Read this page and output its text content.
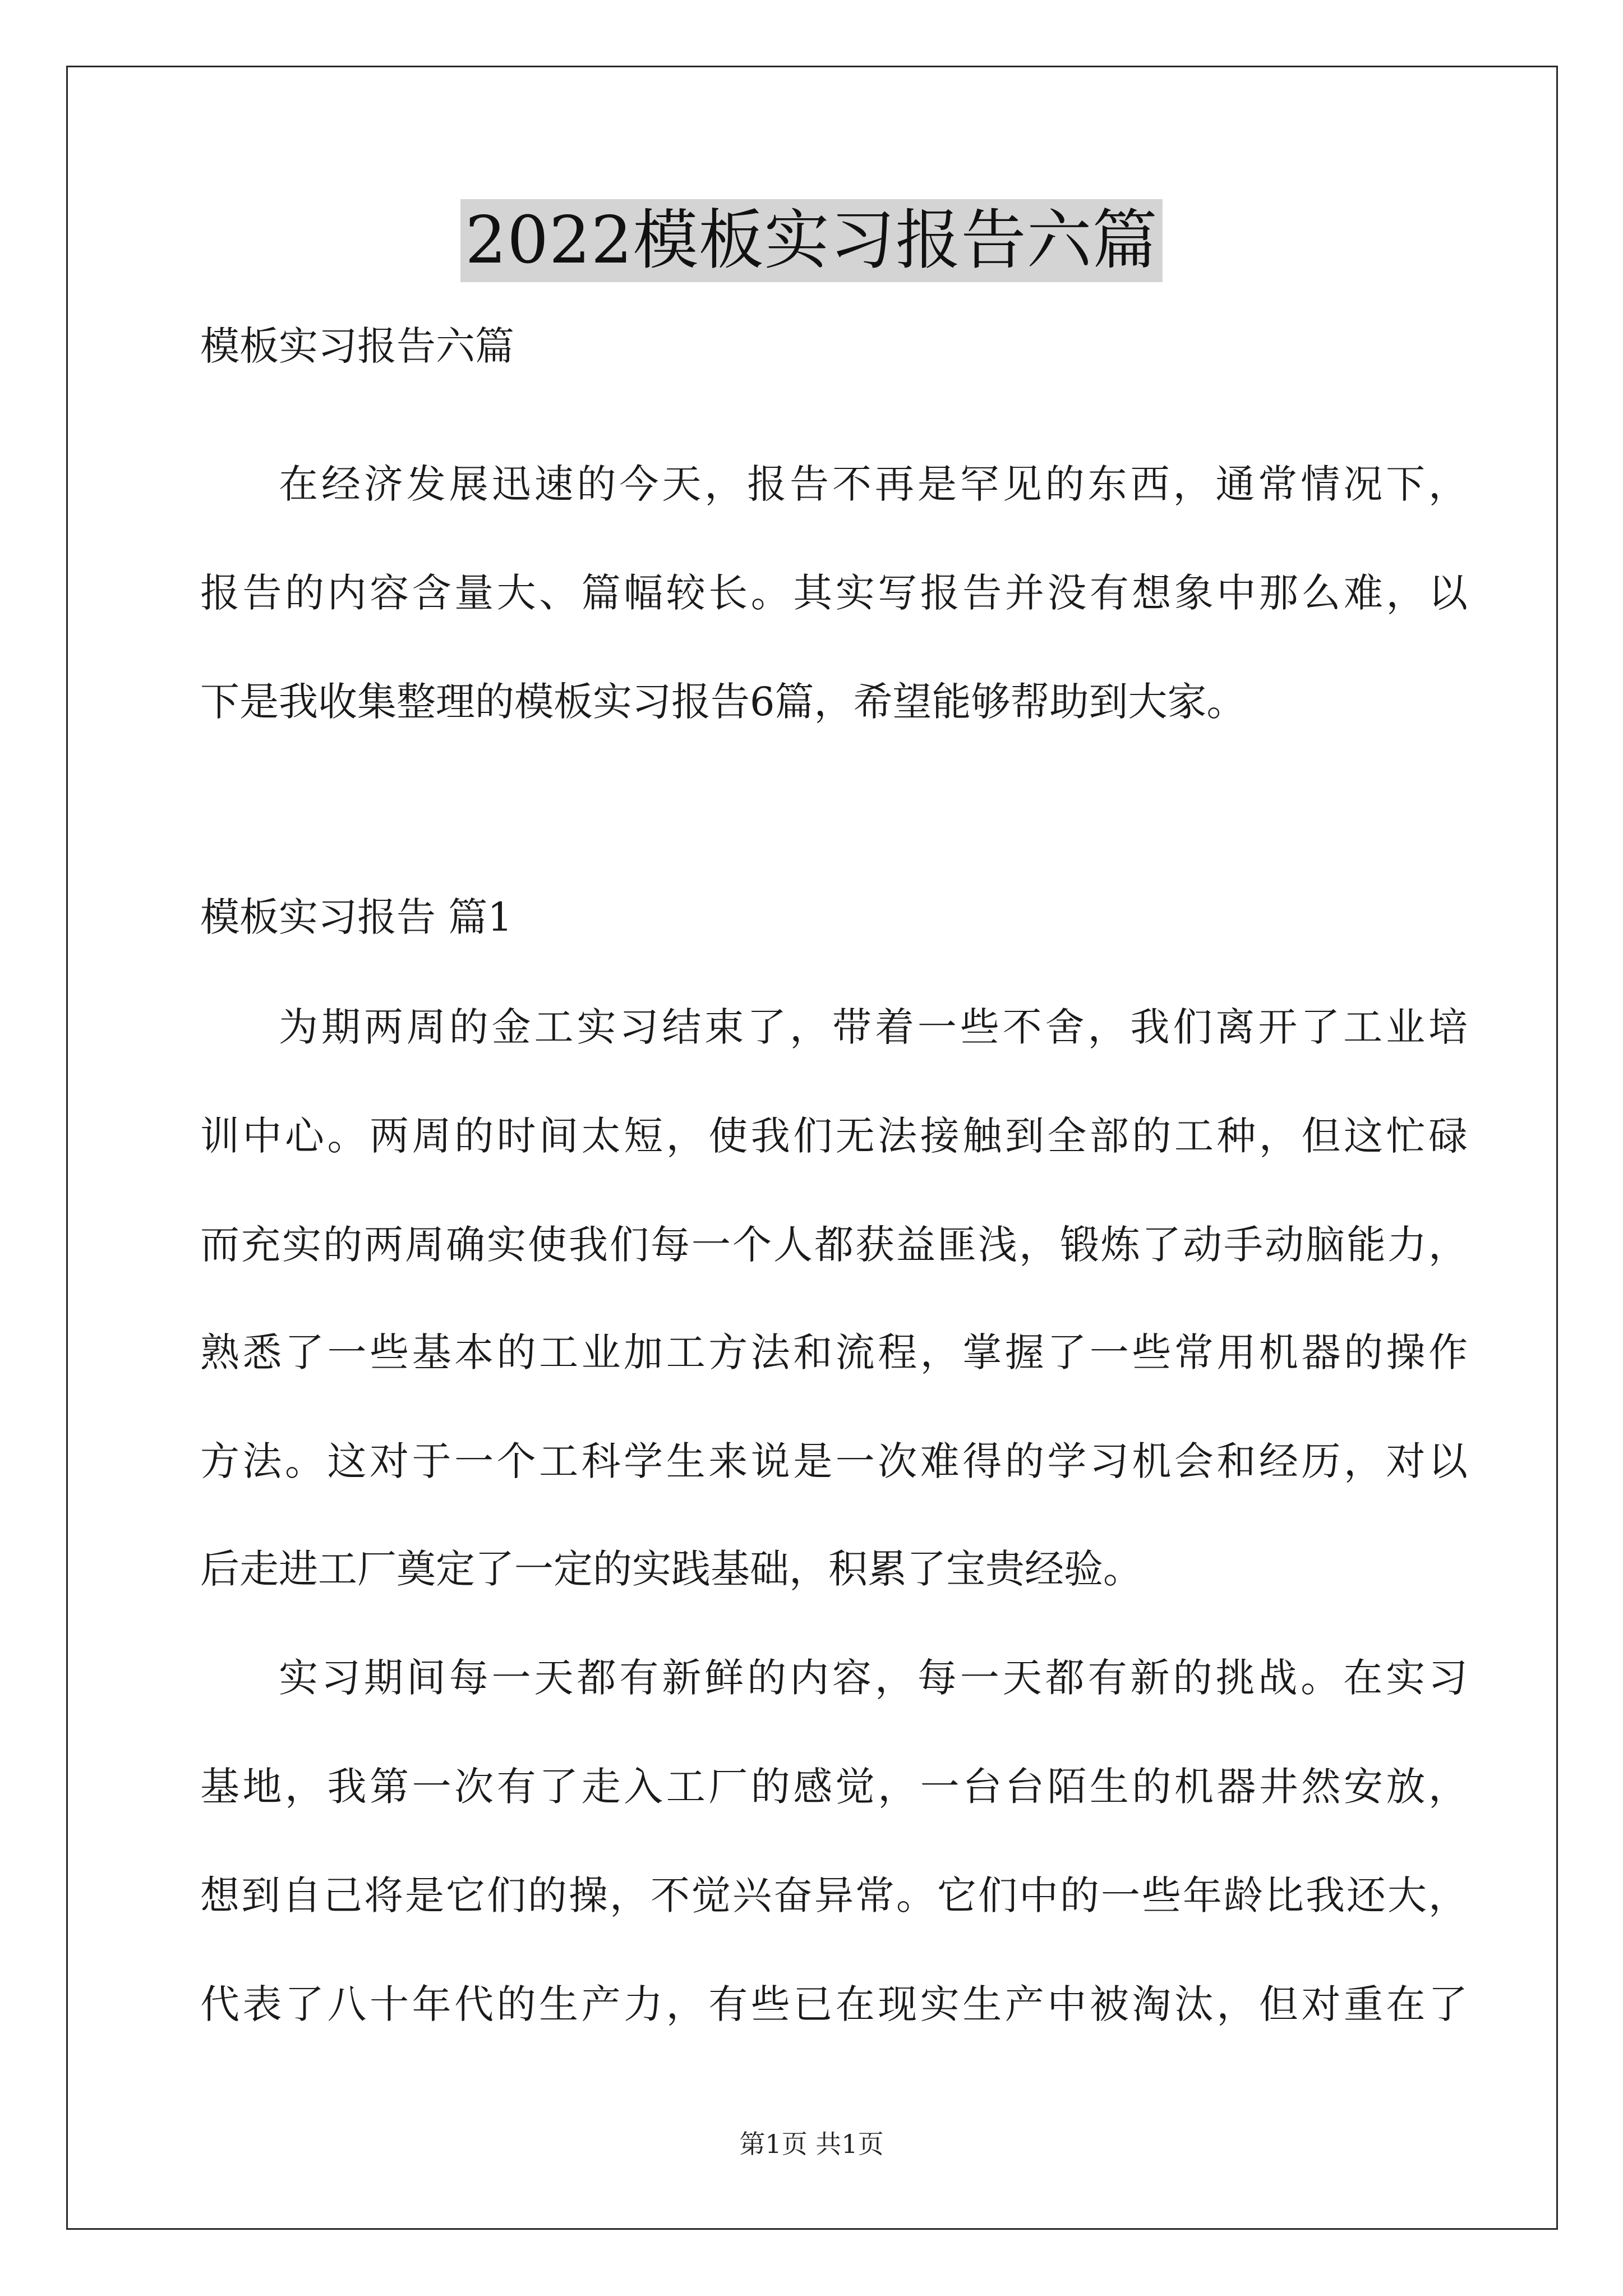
2022模板实习报告六篇
模板实习报告六篇
在经济发展迅速的今天，报告不再是罕见的东西，通常情况下，
报告的内容含量大、篇幅较长。其实写报告并没有想象中那么难，以
下是我收集整理的模板实习报告6篇，希望能够帮助到大家。
模板实习报告 篇1
为期两周的金工实习结束了，带着一些不舍，我们离开了工业培
训中心。两周的时间太短，使我们无法接触到全部的工种，但这忙碌
而充实的两周确实使我们每一个人都获益匪浅，锻炼了动手动脑能力，
熟悉了一些基本的工业加工方法和流程，掌握了一些常用机器的操作
方法。这对于一个工科学生来说是一次难得的学习机会和经历，对以
后走进工厂奠定了一定的实践基础，积累了宝贵经验。
实习期间每一天都有新鲜的内容，每一天都有新的挑战。在实习
基地，我第一次有了走入工厂的感觉，一台台陌生的机器井然安放，
想到自己将是它们的操，不觉兴奋异常。它们中的一些年龄比我还大，
代表了八十年代的生产力，有些已在现实生产中被淘汰，但对重在了
第1页 共1页
